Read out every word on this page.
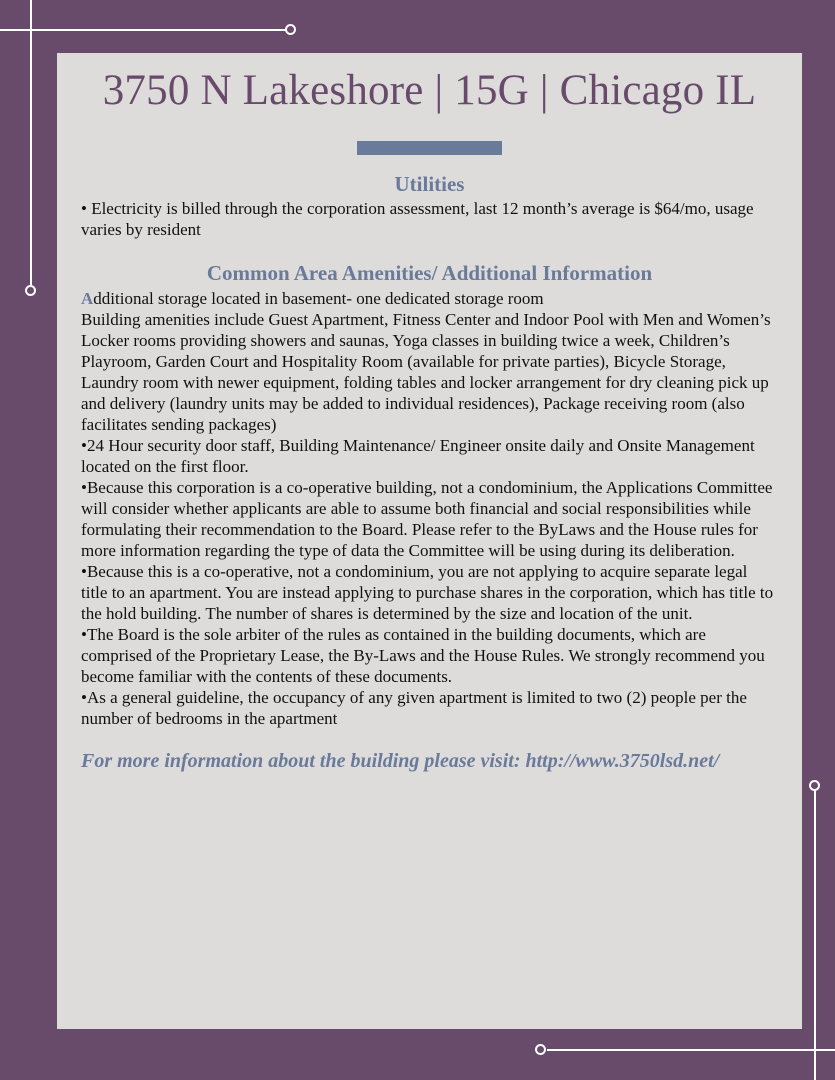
3750 N Lakeshore | 15G | Chicago IL
Utilities

• Electricity is billed through the corporation assessment, last 12 month’s average is $64/mo, usage varies by resident

Common Area Amenities/ Additional Information

Additional storage located in basement- one dedicated storage room

Building amenities include Guest Apartment, Fitness Center and Indoor Pool with Men and Women’s Locker rooms providing showers and saunas, Yoga classes in building twice a week, Children’s Playroom, Garden Court and Hospitality Room (available for private parties), Bicycle Storage, Laundry room with newer equipment, folding tables and locker arrangement for dry cleaning pick up and delivery (laundry units may be added to individual residences), Package receiving room (also facilitates sending packages)

•24 Hour security door staff, Building Maintenance/ Engineer onsite daily and Onsite Management located on the first floor.

•Because this corporation is a co-operative building, not a condominium, the Applications Committee will consider whether applicants are able to assume both financial and social responsibilities while formulating their recommendation to the Board. Please refer to the ByLaws and the House rules for more information regarding the type of data the Committee will be using during its deliberation.

•Because this is a co-operative, not a condominium, you are not applying to acquire separate legal title to an apartment. You are instead applying to purchase shares in the corporation, which has title to the hold building. The number of shares is determined by the size and location of the unit.

•The Board is the sole arbiter of the rules as contained in the building documents, which are comprised of the Proprietary Lease, the By-Laws and the House Rules. We strongly recommend you become familiar with the contents of these documents.

•As a general guideline, the occupancy of any given apartment is limited to two (2) people per the number of bedrooms in the apartment

For more information about the building please visit: http://www.3750lsd.net/
